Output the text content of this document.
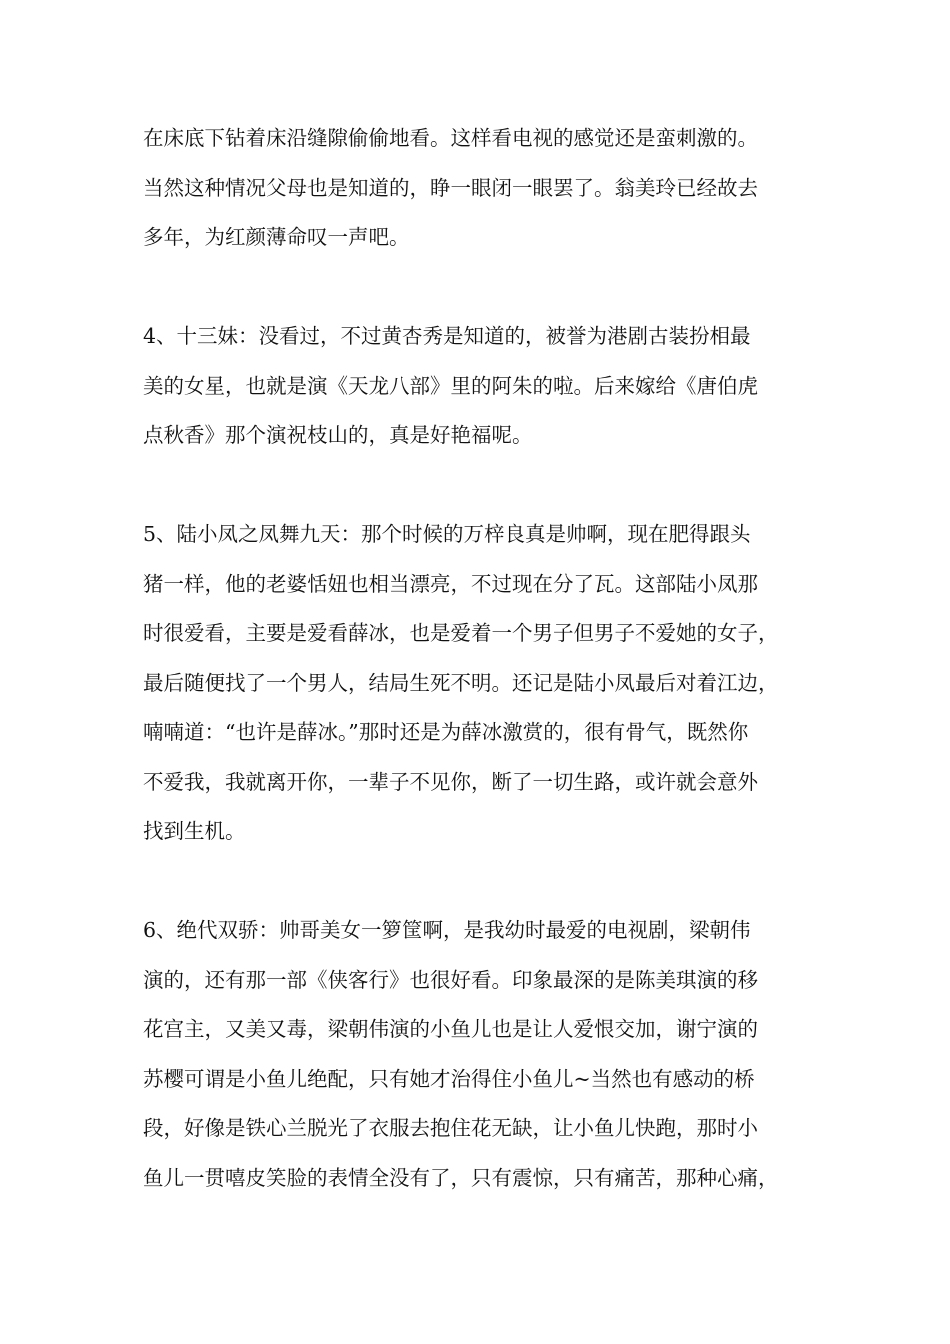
在床底下钻着床沿缝隙偷偷地看。这样看电视的感觉还是蛮刺激的。
当然这种情况父母也是知道的，睁一眼闭一眼罢了。翁美玲已经故去
多年，为红颜薄命叹一声吧。
4、十三妹：没看过，不过黄杏秀是知道的，被誉为港剧古装扮相最
美的女星，也就是演《天龙八部》里的阿朱的啦。后来嫁给《唐伯虎
点秋香》那个演祝枝山的，真是好艳福呢。
5、陆小凤之凤舞九天：那个时候的万梓良真是帅啊，现在肥得跟头
猪一样，他的老婆恬妞也相当漂亮，不过现在分了瓦。这部陆小凤那
时很爱看，主要是爱看薛冰，也是爱着一个男子但男子不爱她的女子，
最后随便找了一个男人，结局生死不明。还记是陆小凤最后对着江边，
喃喃道：“也许是薛冰。”那时还是为薛冰激赏的，很有骨气，既然你
不爱我，我就离开你，一辈子不见你，断了一切生路，或许就会意外
找到生机。
6、绝代双骄：帅哥美女一箩筐啊，是我幼时最爱的电视剧，梁朝伟
演的，还有那一部《侠客行》也很好看。印象最深的是陈美琪演的移
花宫主，又美又毒，梁朝伟演的小鱼儿也是让人爱恨交加，谢宁演的
苏樱可谓是小鱼儿绝配，只有她才治得住小鱼儿~当然也有感动的桥
段，好像是铁心兰脱光了衣服去抱住花无缺，让小鱼儿快跑，那时小
鱼儿一贯嘻皮笑脸的表情全没有了，只有震惊，只有痛苦，那种心痛，
